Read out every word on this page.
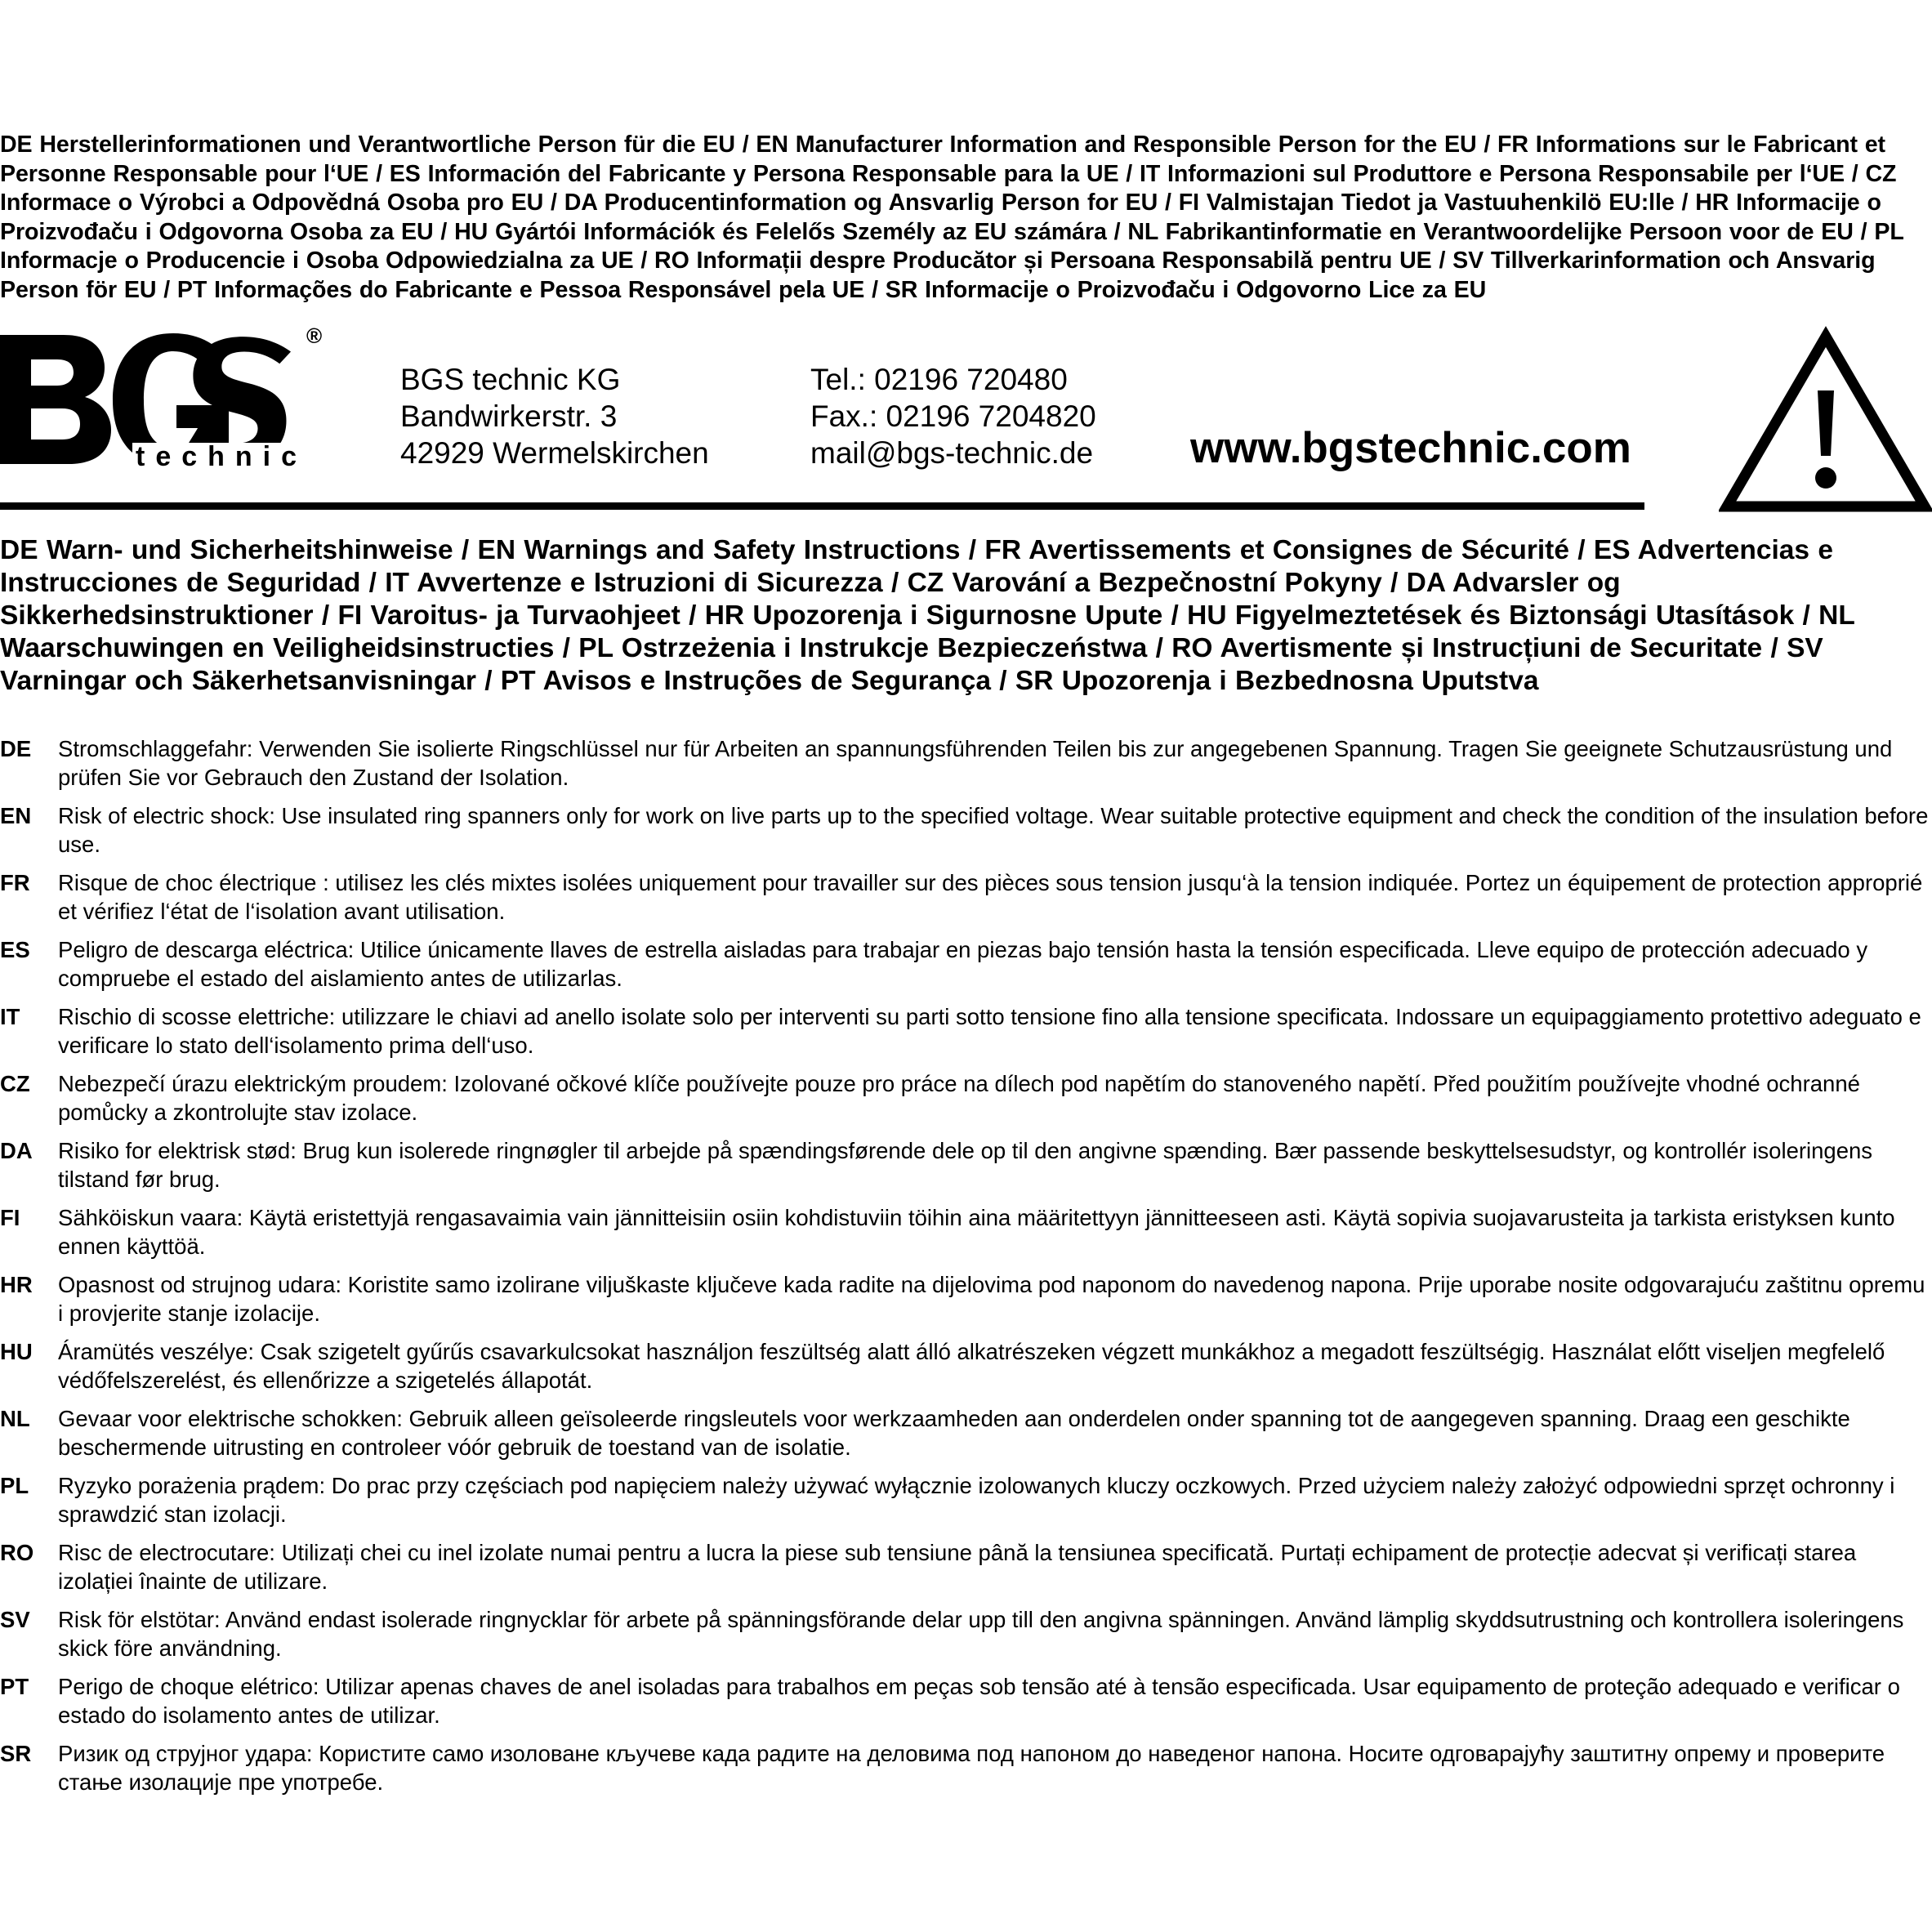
DE Herstellerinformationen und Verantwortliche Person für die EU / EN Manufacturer Information and Responsible Person for the EU / FR Informations sur le Fabricant et Personne Responsable pour l‘UE / ES Información del Fabricante y Persona Responsable para la UE / IT Informazioni sul Produttore e Persona Responsabile per l‘UE / CZ Informace o Výrobci a Odpovědná Osoba pro EU / DA Producentinformation og Ansvarlig Person for EU / FI Valmistajan Tiedot ja Vastuuhenkilö EU:lle / HR Informacije o Proizvođaču i Odgovorna Osoba za EU / HU Gyártói Információk és Felelős Személy az EU számára / NL Fabrikantinformatie en Verantwoordelijke Persoon voor de EU / PL Informacje o Producencie i Osoba Odpowiedzialna za UE / RO Informații despre Producător și Persoana Responsabilă pentru UE / SV Tillverkarinformation och Ansvarig Person för EU / PT Informações do Fabricante e Pessoa Responsável pela UE / SR Informacije o Proizvođaču i Odgovorno Lice za EU

®
technic
BGS technic KG
Bandwirkerstr. 3
42929 Wermelskirchen
Tel.: 02196 720480
Fax.: 02196 7204820
mail@bgs-technic.de www.bgstechnic.com

DE Warn- und Sicherheitshinweise / EN Warnings and Safety Instructions / FR Avertissements et Consignes de Sécurité / ES Advertencias e Instrucciones de Seguridad / IT Avvertenze e Istruzioni di Sicurezza / CZ Varování a Bezpečnostní Pokyny / DA Advarsler og Sikkerhedsinstruktioner / FI Varoitus- ja Turvaohjeet / HR Upozorenja i Sigurnosne Upute / HU Figyelmeztetések és Biztonsági Utasítások / NL Waarschuwingen en Veiligheidsinstructies / PL Ostrzeżenia i Instrukcje Bezpieczeństwa / RO Avertismente și Instrucțiuni de Securitate / SV Varningar och Säkerhetsanvisningar / PT Avisos e Instruções de Segurança / SR Upozorenja i Bezbednosna Uputstva

DE	Stromschlaggefahr: Verwenden Sie isolierte Ringschlüssel nur für Arbeiten an spannungsführenden Teilen bis zur angegebenen Spannung. Tragen Sie geeignete Schutzausrüstung und prüfen Sie vor Gebrauch den Zustand der Isolation.
EN	Risk of electric shock: Use insulated ring spanners only for work on live parts up to the specified voltage. Wear suitable protective equipment and check the condition of the insulation before use.
FR	Risque de choc électrique : utilisez les clés mixtes isolées uniquement pour travailler sur des pièces sous tension jusqu‘à la tension indiquée. Portez un équipement de protection approprié et vérifiez l‘état de l‘isolation avant utilisation.
ES	Peligro de descarga eléctrica: Utilice únicamente llaves de estrella aisladas para trabajar en piezas bajo tensión hasta la tensión especificada. Lleve equipo de protección adecuado y compruebe el estado del aislamiento antes de utilizarlas.
IT	Rischio di scosse elettriche: utilizzare le chiavi ad anello isolate solo per interventi su parti sotto tensione fino alla tensione specificata. Indossare un equipaggiamento protettivo adeguato e verificare lo stato dell‘isolamento prima dell‘uso.
CZ	Nebezpečí úrazu elektrickým proudem: Izolované očkové klíče používejte pouze pro práce na dílech pod napětím do stanoveného napětí. Před použitím používejte vhodné ochranné pomůcky a zkontrolujte stav izolace.
DA	Risiko for elektrisk stød: Brug kun isolerede ringnøgler til arbejde på spændingsførende dele op til den angivne spænding. Bær passende beskyttelsesudstyr, og kontrollér isoleringens tilstand før brug.
FI	Sähköiskun vaara: Käytä eristettyjä rengasavaimia vain jännitteisiin osiin kohdistuviin töihin aina määritettyyn jännitteeseen asti. Käytä sopivia suojavarusteita ja tarkista eristyksen kunto ennen käyttöä.
HR	Opasnost od strujnog udara: Koristite samo izolirane viljuškaste ključeve kada radite na dijelovima pod naponom do navedenog napona. Prije uporabe nosite odgovarajuću zaštitnu opremu i provjerite stanje izolacije.
HU	Áramütés veszélye: Csak szigetelt gyűrűs csavarkulcsokat használjon feszültség alatt álló alkatrészeken végzett munkákhoz a megadott feszültségig. Használat előtt viseljen megfelelő védőfelszerelést, és ellenőrizze a szigetelés állapotát.
NL	Gevaar voor elektrische schokken: Gebruik alleen geïsoleerde ringsleutels voor werkzaamheden aan onderdelen onder spanning tot de aangegeven spanning. Draag een geschikte beschermende uitrusting en controleer vóór gebruik de toestand van de isolatie.
PL	Ryzyko porażenia prądem: Do prac przy częściach pod napięciem należy używać wyłącznie izolowanych kluczy oczkowych. Przed użyciem należy założyć odpowiedni sprzęt ochronny i sprawdzić stan izolacji.
RO	Risc de electrocutare: Utilizați chei cu inel izolate numai pentru a lucra la piese sub tensiune până la tensiunea specificată. Purtați echipament de protecție adecvat și verificați starea izolației înainte de utilizare.
SV	Risk för elstötar: Använd endast isolerade ringnycklar för arbete på spänningsförande delar upp till den angivna spänningen. Använd lämplig skyddsutrustning och kontrollera isoleringens skick före användning.
PT	Perigo de choque elétrico: Utilizar apenas chaves de anel isoladas para trabalhos em peças sob tensão até à tensão especificada. Usar equipamento de proteção adequado e verificar o estado do isolamento antes de utilizar.
SR	Ризик од струјног удара: Користите само изоловане кључеве када радите на деловима под напоном до наведеног напона. Носите одговарајућу заштитну опрему и проверите стање изолације пре употребе.
